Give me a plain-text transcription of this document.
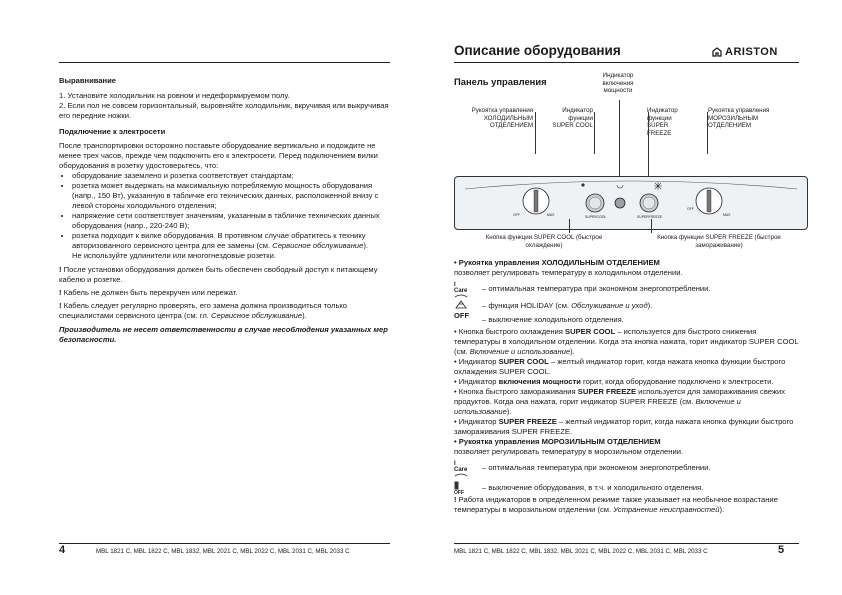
Выравнивание

1. Установите холодильник на ровном и недеформируемом полу.

2. Если пол не совсем горизонтальный, выровняйте холодильник, вкручивая или выкручивая его передние ножки.

Подключение к электросети

После транспортировки осторожно поставьте оборудование вертикально и подождите не менее трех часов, прежде чем подключить его к электросети. Перед подключением вилки оборудования в розетку удостоверьтесь, что:

• оборудование заземлено и розетка соответствует стандартам;
• розетка может выдержать на максимальную потребляемую мощность оборудования (напр., 150 Вт), указанную в табличке его технических данных, расположенной внизу с левой стороны холодильного отделения;
• напряжение сети соответствует значениям, указанным в табличке технических данных оборудования (напр., 220-240 В);
• розетка подходит к вилке оборудования. В противном случае обратитесь к технику авторизованного сервисного центра для ее замены (см. Сервисное обслуживание).
Не используйте удлинители или многогнездовые розетки.

! После установки оборудования должен быть обеспечен свободный доступ к питающему кабелю и розетке.

! Кабель не должен быть перекручен или пережат.

! Кабель следует регулярно проверять, его замена должна производиться только специалистами сервисного центра (см. гл. Сервисное обслуживание).

Производитель не несет ответственности в случае несоблюдения указанных мер безопасности.

4	MBL 1821 C, MBL 1822 C, MBL 1832, MBL 2021 C, MBL 2022 C, MBL 2031 C, MBL 2033 C
Описание оборудования	ARISTON
Панель управления
Индикатор включения мощности
Рукоятка управления ХОЛОДИЛЬНЫМ ОТДЕЛЕНИЕМ
Индикатор функции SUPER COOL
Индикатор функции SUPER FREEZE
Рукоятка управления МОРОЗИЛЬНЫМ ОТДЕЛЕНИЕМ
OFF	MAX	SUPERCOOL	SUPERFREEZE
OFF
MAX
Кнопка функции SUPER COOL (быстрое охлаждение)
Кнопка функции SUPER FREEZE (быстрое замораживание)

• Рукоятка управления ХОЛОДИЛЬНЫМ ОТДЕЛЕНИЕМ

позволяет регулировать температуру в холодильном отделении.

I Care	– оптимальная температура при экономном энергопотреблении.
– функция HOLIDAY (см. Обслуживание и уход).
OFF – выключение холодильного отделения.

• Кнопка быстрого охлаждения SUPER COOL – используется для быстрого снижения температуры в холодильном отделении. Когда эта кнопка нажата, горит индикатор SUPER COOL (см. Включение и использование).

• Индикатор SUPER COOL – желтый индикатор горит, когда нажата кнопка функции быстрого охлаждения SUPER COOL.

• Индикатор включения мощности горит, когда оборудование подключено к электросети.

• Кнопка быстрого замораживания SUPER FREEZE используется для замораживания свежих продуктов. Когда она нажата, горит индикатор SUPER FREEZE (см. Включение и использование).

• Индикатор SUPER FREEZE – желтый индикатор горит, когда нажата кнопка функции быстрого замораживания SUPER FREEZE.

• Рукоятка управления МОРОЗИЛЬНЫМ ОТДЕЛЕНИЕМ

позволяет регулировать температуру в морозильном отделении.

I Care	– оптимальная температура при экономном энергопотреблении.
OFF
– выключение оборудования, в т.ч. и холодильного отделения.

! Работа индикаторов в определенном режиме также указывает на необычное возрастание температуры в морозильном отделении (см. Устранение неисправностей).

MBL 1821 C, MBL 1822 C, MBL 1832, MBL 2021 C, MBL 2022 C, MBL 2031 C, MBL 2033 C	5
